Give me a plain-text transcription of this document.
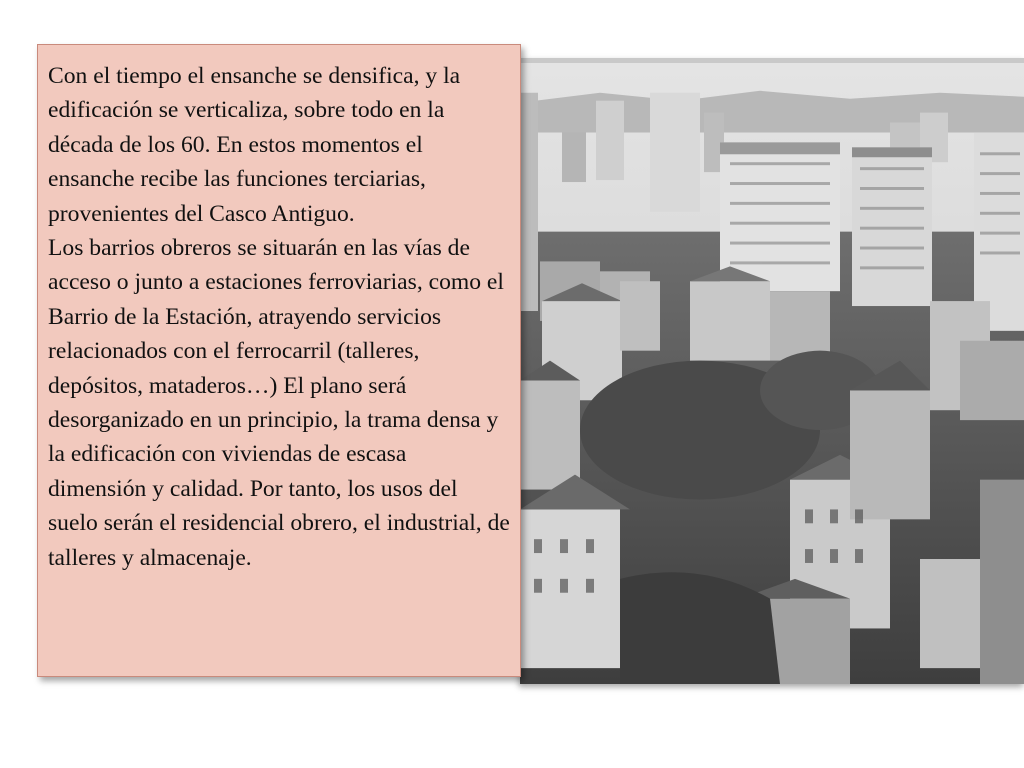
Con el tiempo el ensanche se densifica, y la edificación se verticaliza, sobre todo en la década de los 60. En estos momentos el ensanche recibe las funciones terciarias, provenientes del Casco Antiguo.

Los barrios obreros se situarán en las vías de acceso o junto a estaciones ferroviarias, como el Barrio de la Estación, atrayendo servicios relacionados con el ferrocarril (talleres, depósitos, mataderos…) El plano será desorganizado en un principio, la trama densa y la edificación con viviendas de escasa dimensión y calidad. Por tanto, los usos del suelo serán el residencial obrero, el industrial, de talleres y almacenaje.
